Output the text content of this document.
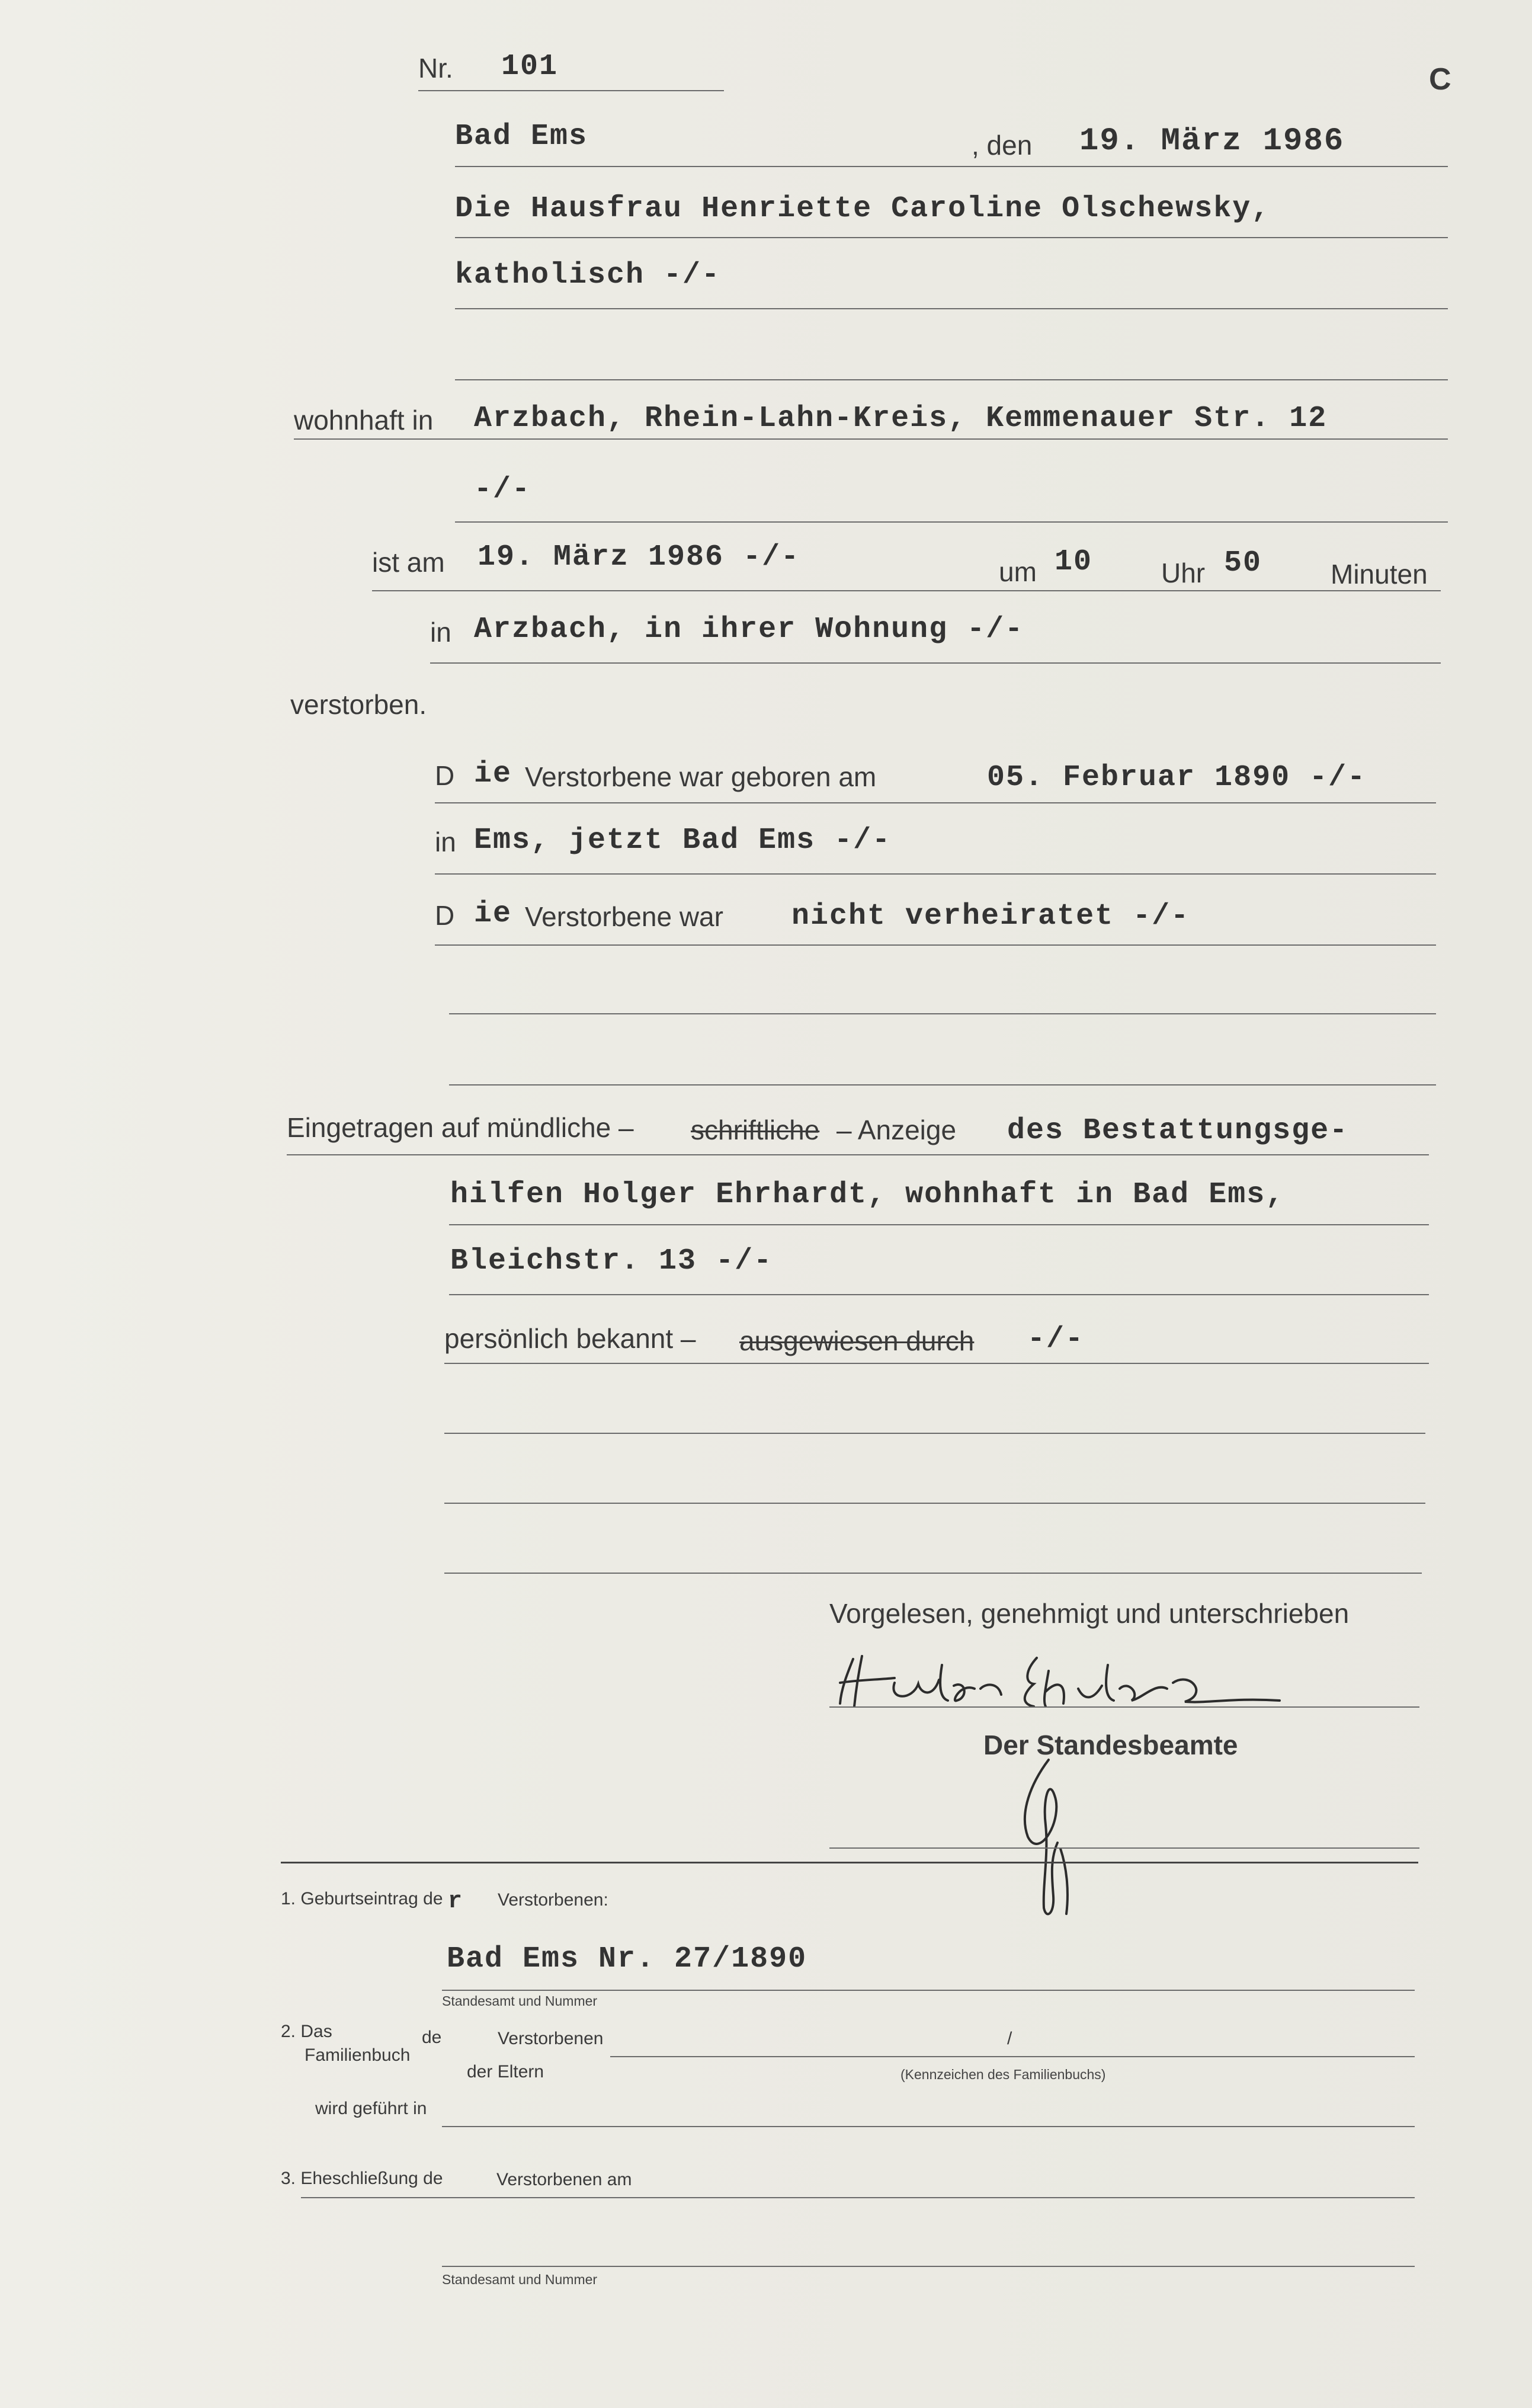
C
Nr. 101
Bad Ems	, den 19. März 1986
Die Hausfrau Henriette Caroline Olschewsky,
katholisch -/-
wohnhaft in Arzbach, Rhein-Lahn-Kreis, Kemmenauer Str. 12
-/-
ist am 19. März 1986 -/-	um 10	Uhr 50	Minuten
in Arzbach, in ihrer Wohnung -/-
verstorben.
D ie Verstorbene war geboren am	05. Februar 1890 -/-
in Ems, jetzt Bad Ems -/-
D ie Verstorbene war nicht verheiratet -/-
Eingetragen auf mündliche – schriftliche – Anzeige des Bestattungsge-
hilfen Holger Ehrhardt, wohnhaft in Bad Ems,
Bleichstr. 13 -/-
persönlich bekannt – ausgewiesen durch -/-
Vorgelesen, genehmigt und unterschrieben
Der Standesbeamte
1. Geburtseintrag de r Verstorbenen:
Bad Ems Nr. 27/1890
Standesamt und Nummer
2. Das
Familienbuch
de	Verstorbenen	/
der Eltern	(Kennzeichen des Familienbuchs)
wird geführt in
3. Eheschließung de	Verstorbenen am
Standesamt und Nummer
